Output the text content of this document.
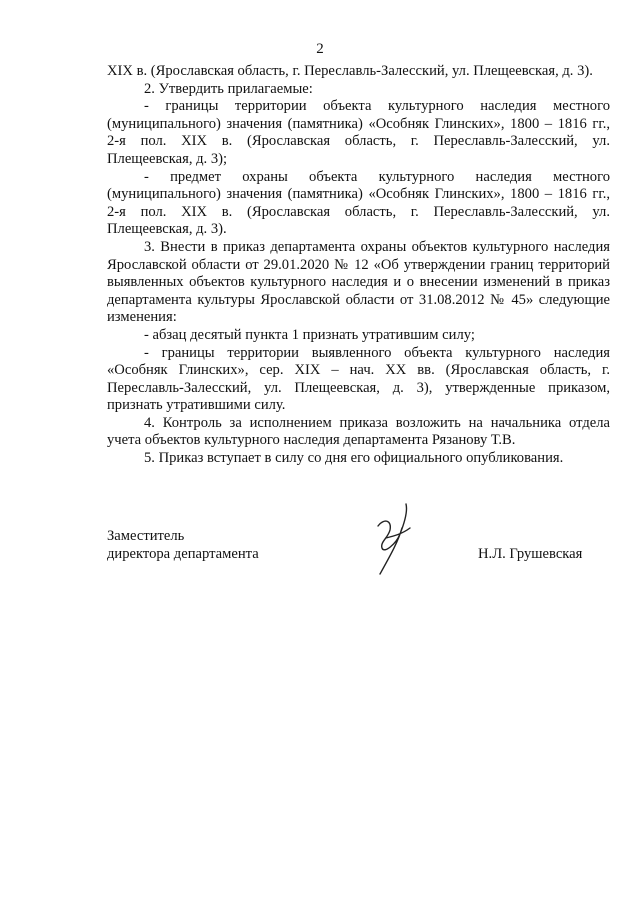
2

XIX в. (Ярославская область, г. Переславль-Залесский, ул. Плещеевская, д. 3).

2. Утвердить прилагаемые:

- границы территории объекта культурного наследия местного (муниципального) значения (памятника) «Особняк Глинских», 1800 – 1816 гг., 2-я пол. XIX в. (Ярославская область, г. Переславль-Залесский, ул. Плещеевская, д. 3);

- предмет охраны объекта культурного наследия местного (муниципального) значения (памятника) «Особняк Глинских», 1800 – 1816 гг., 2-я пол. XIX в. (Ярославская область, г. Переславль-Залесский, ул. Плещеевская, д. 3).

3. Внести в приказ департамента охраны объектов культурного наследия Ярославской области от 29.01.2020 № 12 «Об утверждении границ территорий выявленных объектов культурного наследия и о внесении изменений в приказ департамента культуры Ярославской области от 31.08.2012 № 45» следующие изменения:

- абзац десятый пункта 1 признать утратившим силу;

- границы территории выявленного объекта культурного наследия «Особняк Глинских», сер. XIX – нач. XX вв. (Ярославская область, г. Переславль-Залесский, ул. Плещеевская, д. 3), утвержденные приказом, признать утратившими силу.

4. Контроль за исполнением приказа возложить на начальника отдела учета объектов культурного наследия департамента Рязанову Т.В.

5. Приказ вступает в силу со дня его официального опубликования.

Заместитель
директора департамента	Н.Л. Грушевская
